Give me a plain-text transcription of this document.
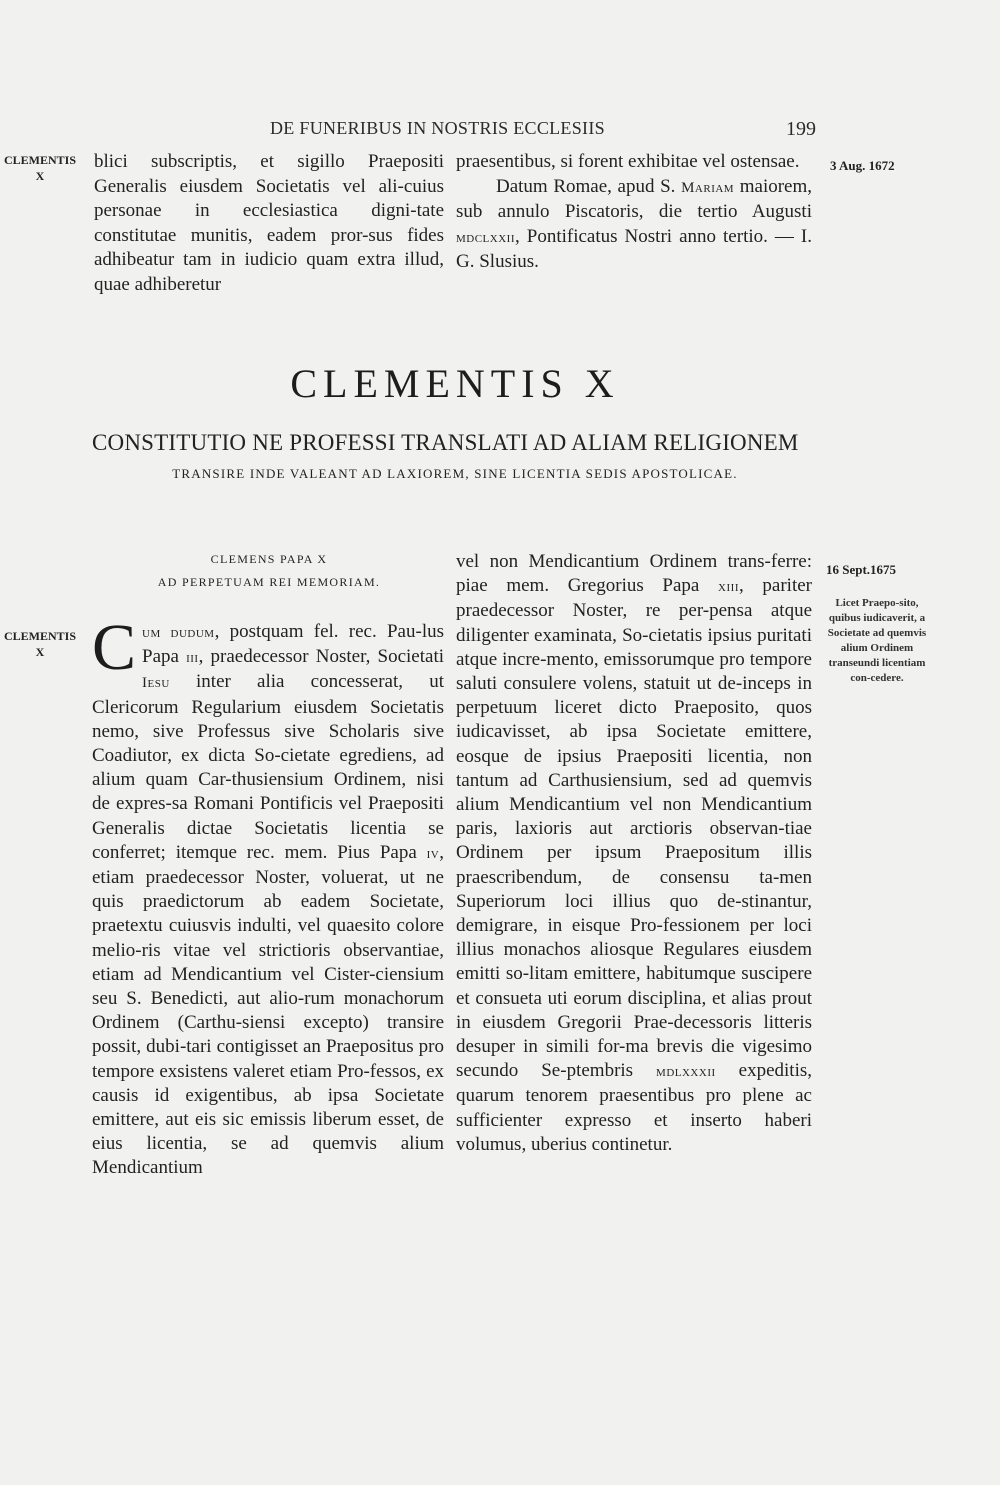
DE FUNERIBUS IN NOSTRIS ECCLESIIS	199
CLEMENTIS
X
3 Aug. 1672

blici subscriptis, et sigillo Praepositi Generalis eiusdem Societatis vel ali-cuius personae in ecclesiastica digni-tate constitutae munitis, eadem pror-sus fides adhibeatur tam in iudicio quam extra illud, quae adhiberetur

praesentibus, si forent exhibitae vel ostensae.

Datum Romae, apud S. Mariam maiorem, sub annulo Piscatoris, die tertio Augusti mdclxxii, Pontificatus Nostri anno tertio. — I. G. Slusius.

CLEMENTIS X
CONSTITUTIO NE PROFESSI TRANSLATI AD ALIAM RELIGIONEM
TRANSIRE INDE VALEANT AD LAXIOREM, SINE LICENTIA SEDIS APOSTOLICAE.
CLEMENS PAPA X
AD PERPETUAM REI MEMORIAM.
16 Sept.1675
Licet Praepo-sito, quibus iudicaverit, a Societate ad quemvis alium Ordinem transeundi licentiam con-cedere.
CLEMENTIS
X Cum dudum, postquam fel. rec. Pau-lus Papa iii, praedecessor Noster, Societati Iesu inter alia concesserat, ut Clericorum Regularium eiusdem Societatis nemo, sive Professus sive Scholaris sive Coadiutor, ex dicta So-cietate egrediens, ad alium quam Car-thusiensium Ordinem, nisi de expres-sa Romani Pontificis vel Praepositi Generalis dictae Societatis licentia se conferret; itemque rec. mem. Pius Papa iv, etiam praedecessor Noster, voluerat, ut ne quis praedictorum ab eadem Societate, praetextu cuiusvis indulti, vel quaesito colore melio-ris vitae vel strictioris observantiae, etiam ad Mendicantium vel Cister-ciensium seu S. Benedicti, aut alio-rum monachorum Ordinem (Carthu-siensi excepto) transire possit, dubi-tari contigisset an Praepositus pro tempore exsistens valeret etiam Pro-fessos, ex causis id exigentibus, ab ipsa Societate emittere, aut eis sic emissis liberum esset, de eius licentia, se ad quemvis alium Mendicantium

vel non Mendicantium Ordinem trans-ferre: piae mem. Gregorius Papa xiii, pariter praedecessor Noster, re per-pensa atque diligenter examinata, So-cietatis ipsius puritati atque incre-mento, emissorumque pro tempore saluti consulere volens, statuit ut de-inceps in perpetuum liceret dicto Praeposito, quos iudicavisset, ab ipsa Societate emittere, eosque de ipsius Praepositi licentia, non tantum ad Carthusiensium, sed ad quemvis alium Mendicantium vel non Mendicantium paris, laxioris aut arctioris observan-tiae Ordinem per ipsum Praepositum illis praescribendum, de consensu ta-men Superiorum loci illius quo de-stinantur, demigrare, in eisque Pro-fessionem per loci illius monachos aliosque Regulares eiusdem emitti so-litam emittere, habitumque suscipere et consueta uti eorum disciplina, et alias prout in eiusdem Gregorii Prae-decessoris litteris desuper in simili for-ma brevis die vigesimo secundo Se-ptembris mdlxxxii expeditis, quarum tenorem praesentibus pro plene ac sufficienter expresso et inserto haberi volumus, uberius continetur.
